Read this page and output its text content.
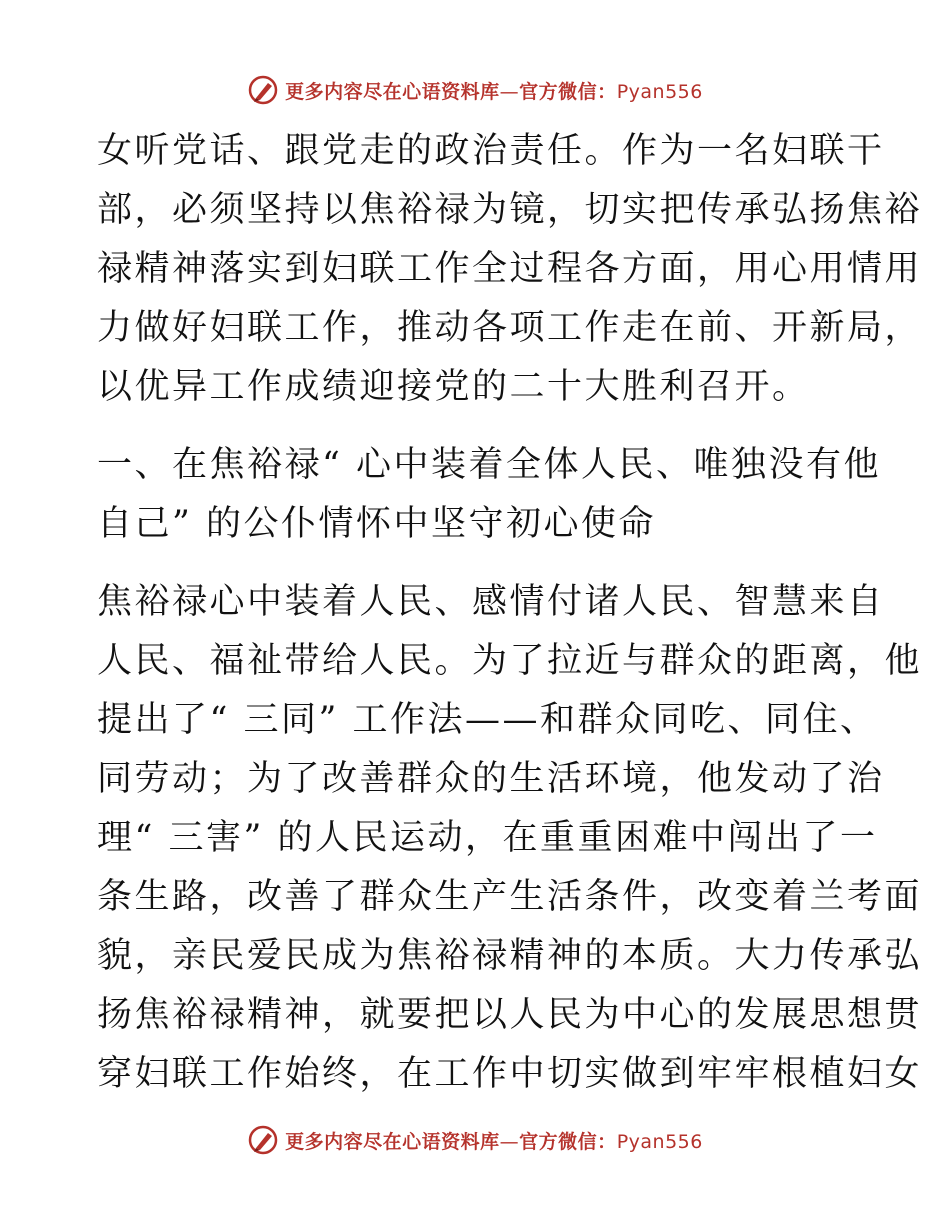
更多内容尽在心语资料库—官方微信：Pyan556
女听党话、跟党走的政治责任。作为一名妇联干
部，必须坚持以焦裕禄为镜，切实把传承弘扬焦裕
禄精神落实到妇联工作全过程各方面，用心用情用
力做好妇联工作，推动各项工作走在前、开新局，
以优异工作成绩迎接党的二十大胜利召开。
一、在焦裕禄“ 心中装着全体人民、唯独没有他
自己” 的公仆情怀中坚守初心使命
焦裕禄心中装着人民、感情付诸人民、智慧来自
人民、福祉带给人民。为了拉近与群众的距离，他
提出了“ 三同” 工作法——和群众同吃、同住、
同劳动；为了改善群众的生活环境，他发动了治
理“ 三害” 的人民运动，在重重困难中闯出了一
条生路，改善了群众生产生活条件，改变着兰考面
貌，亲民爱民成为焦裕禄精神的本质。大力传承弘
扬焦裕禄精神，就要把以人民为中心的发展思想贯
穿妇联工作始终，在工作中切实做到牢牢根植妇女
更多内容尽在心语资料库—官方微信：Pyan556
